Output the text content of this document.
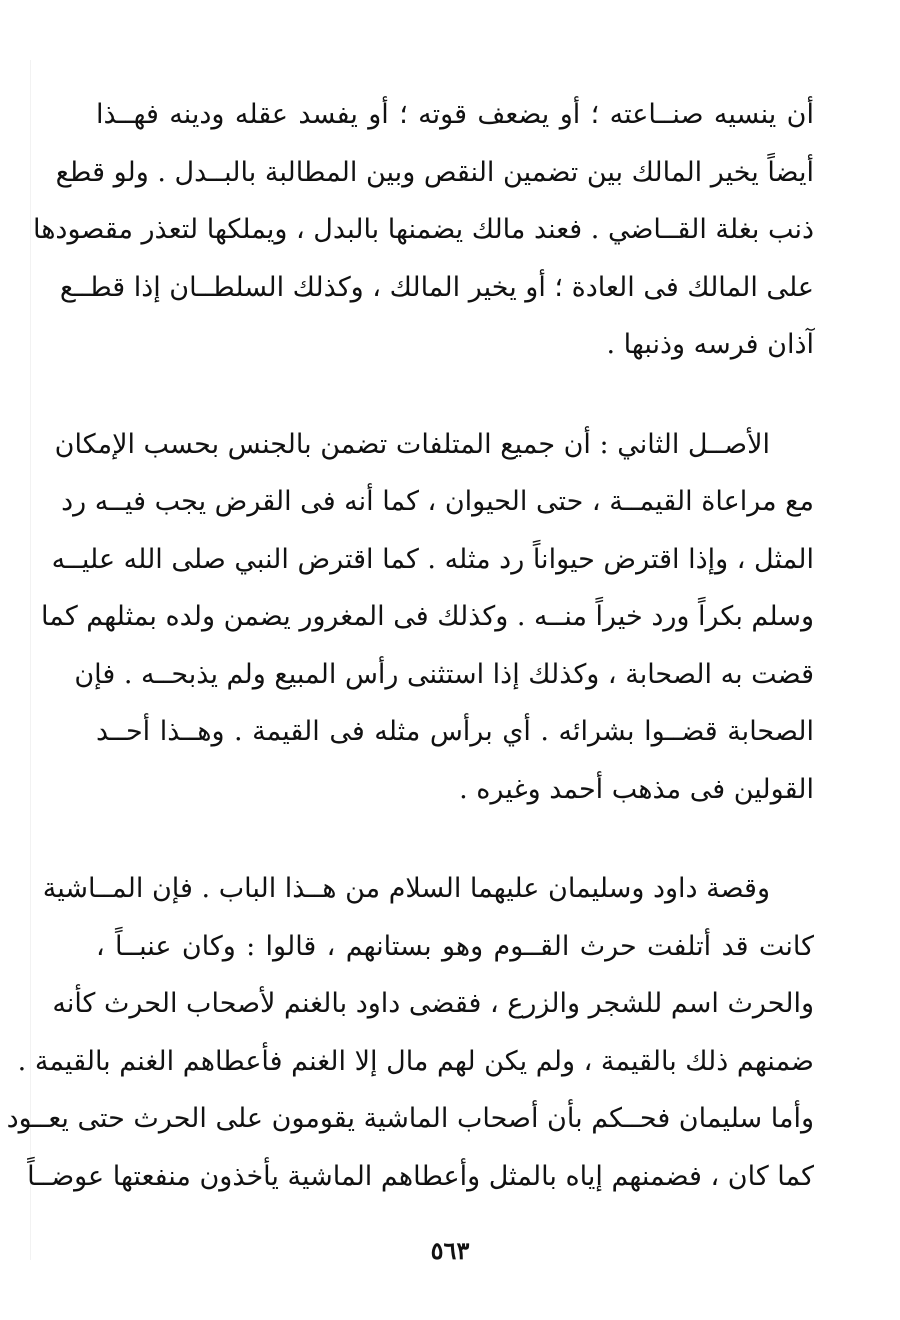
أن ينسيه صنــاعته ؛ أو يضعف قوته ؛ أو يفسد عقله ودينه فهــذا
أيضاً يخير المالك بين تضمين النقص وبين المطالبة بالبــدل . ولو قطع
ذنب بغلة القــاضي . فعند مالك يضمنها بالبدل ، ويملكها لتعذر مقصودها
على المالك فى العادة ؛ أو يخير المالك ، وكذلك السلطــان إذا قطــع
آذان فرسه وذنبها .
الأصــل الثاني : أن جميع المتلفات تضمن بالجنس بحسب الإمكان
مع مراعاة القيمــة ، حتى الحيوان ، كما أنه فى القرض يجب فيــه رد
المثل ، وإذا اقترض حيواناً رد مثله . كما اقترض النبي صلى الله عليــه
وسلم بكراً ورد خيراً منــه . وكذلك فى المغرور يضمن ولده بمثلهم كما
قضت به الصحابة ، وكذلك إذا استثنى رأس المبيع ولم يذبحــه . فإن
الصحابة قضــوا بشرائه . أي برأس مثله فى القيمة . وهــذا أحــد
القولين فى مذهب أحمد وغيره .
وقصة داود وسليمان عليهما السلام من هــذا الباب . فإن المــاشية
كانت قد أتلفت حرث القــوم وهو بستانهم ، قالوا : وكان عنبــاً ،
والحرث اسم للشجر والزرع ، فقضى داود بالغنم لأصحاب الحرث كأنه
ضمنهم ذلك بالقيمة ، ولم يكن لهم مال إلا الغنم فأعطاهم الغنم بالقيمة .
وأما سليمان فحــكم بأن أصحاب الماشية يقومون على الحرث حتى يعــود
كما كان ، فضمنهم إياه بالمثل وأعطاهم الماشية يأخذون منفعتها عوضــاً
٥٦٣
